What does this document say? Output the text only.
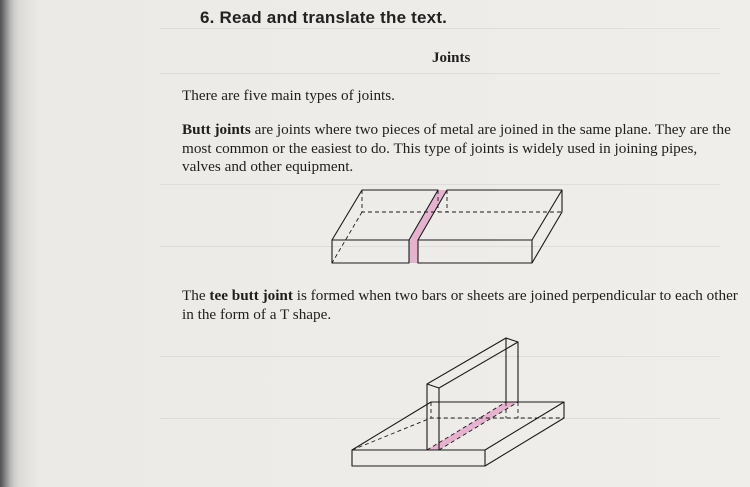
6. Read and translate the text.
Joints

There are five main types of joints.

Butt joints are joints where two pieces of metal are joined in the same plane. They are the most common or the easiest to do. This type of joints is widely used in joining pipes, valves and other equipment.

The tee butt joint is formed when two bars or sheets are joined perpendicular to each other in the form of a T shape.
